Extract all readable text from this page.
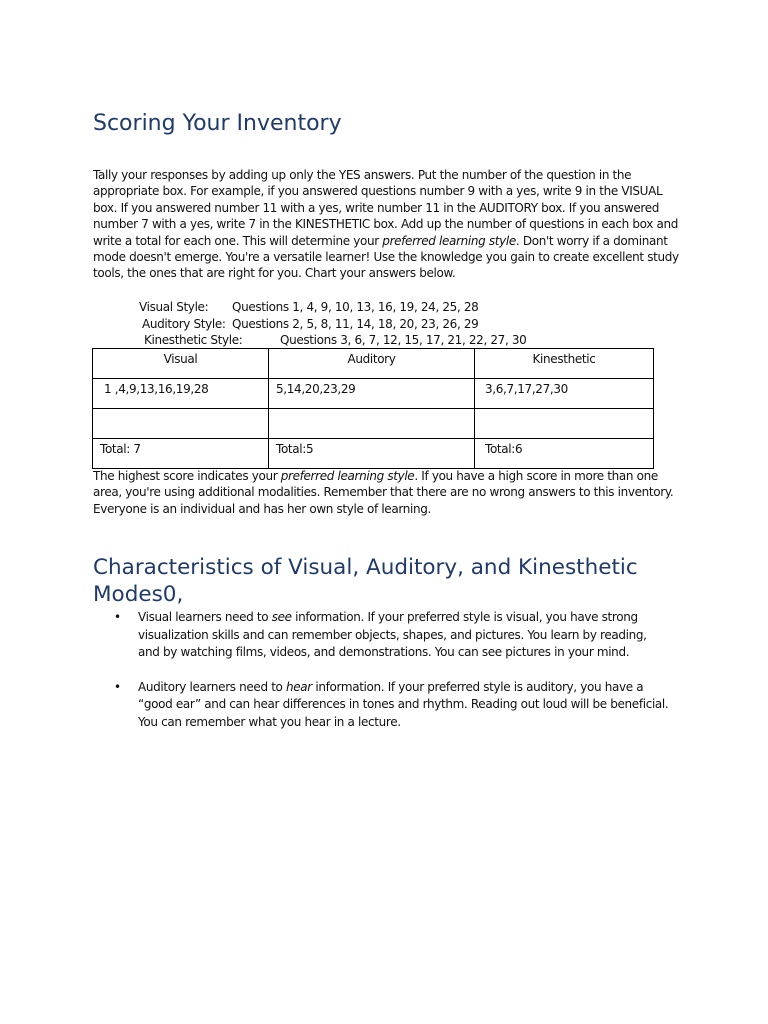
Scoring Your Inventory

Tally your responses by adding up only the YES answers. Put the number of the question in the appropriate box. For example, if you answered questions number 9 with a yes, write 9 in the VISUAL box. If you answered number 11 with a yes, write number 11 in the AUDITORY box. If you answered number 7 with a yes, write 7 in the KINESTHETIC box. Add up the number of questions in each box and write a total for each one. This will determine your preferred learning style. Don't worry if a dominant mode doesn't emerge. You're a versatile learner! Use the knowledge you gain to create excellent study tools, the ones that are right for you. Chart your answers below.

Visual Style: Questions 1, 4, 9, 10, 13, 16, 19, 24, 25, 28
Auditory Style: Questions 2, 5, 8, 11, 14, 18, 20, 23, 26, 29
Kinesthetic Style:	Questions 3, 6, 7, 12, 15, 17, 21, 22, 27, 30
Visual	Auditory	Kinesthetic
1 ,4,9,13,16,19,28	5,14,20,23,29	3,6,7,17,27,30

Total: 7	Total:5	Total:6

The highest score indicates your preferred learning style. If you have a high score in more than one area, you're using additional modalities. Remember that there are no wrong answers to this inventory. Everyone is an individual and has her own style of learning.

Characteristics of Visual, Auditory, and Kinesthetic Modes0,
• Visual learners need to see information. If your preferred style is visual, you have strong visualization skills and can remember objects, shapes, and pictures. You learn by reading, and by watching films, videos, and demonstrations. You can see pictures in your mind.
• Auditory learners need to hear information. If your preferred style is auditory, you have a “good ear” and can hear differences in tones and rhythm. Reading out loud will be beneficial. You can remember what you hear in a lecture.
